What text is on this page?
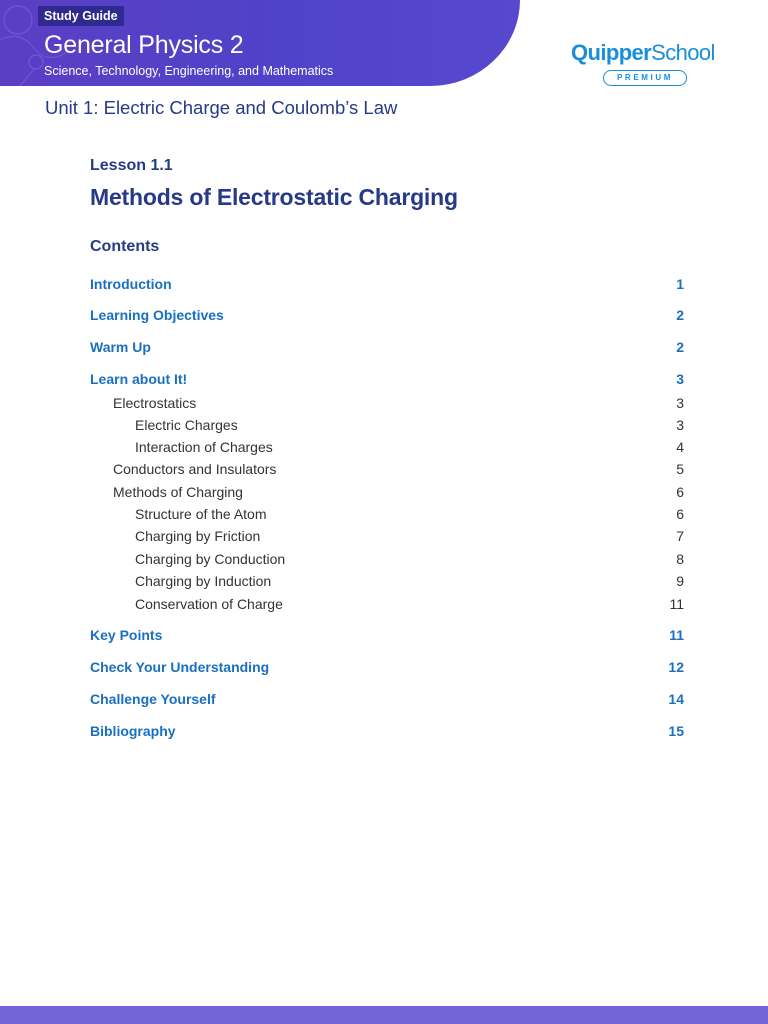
Study Guide
General Physics 2
Science, Technology, Engineering, and Mathematics
QuipperSchool
PREMIUM
Unit 1: Electric Charge and Coulomb’s Law
Lesson 1.1
Methods of Electrostatic Charging
Contents
Introduction	1
Learning Objectives	2
Warm Up	2
Learn about It!	3
Electrostatics	3
Electric Charges	3
Interaction of Charges	4
Conductors and Insulators	5
Methods of Charging	6
Structure of the Atom	6
Charging by Friction	7
Charging by Conduction	8
Charging by Induction	9
Conservation of Charge	11
Key Points	11
Check Your Understanding	12
Challenge Yourself	14
Bibliography	15
